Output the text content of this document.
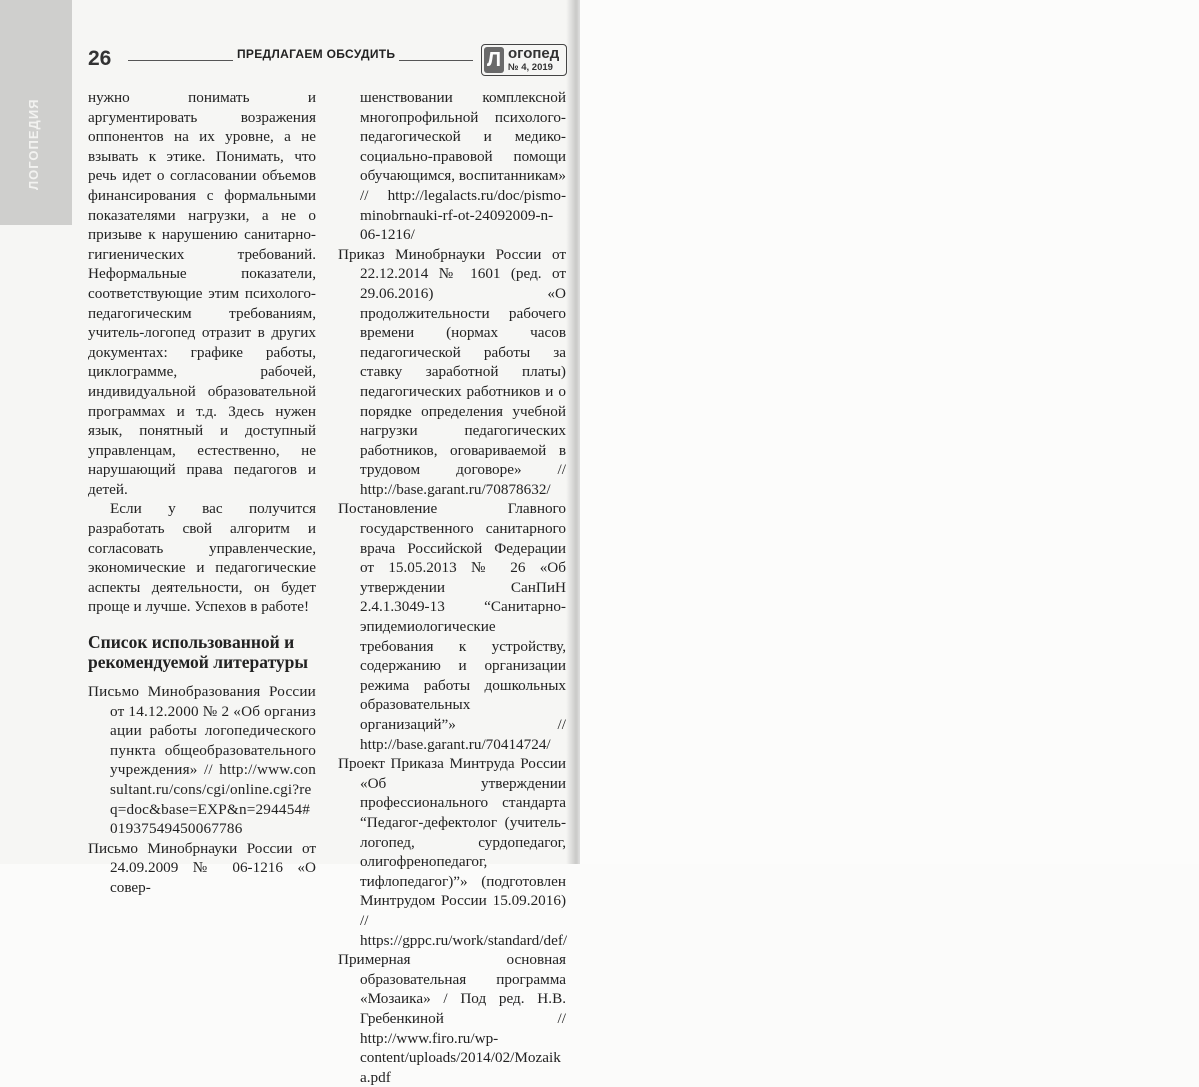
ЛОГОПЕДИЯ
26	ПРЕДЛАГАЕМ ОБСУДИТЬ	Л огопед
№ 4, 2019

нужно понимать и аргументировать возражения оппонентов на их уровне, а не взывать к этике. Понимать, что речь идет о согласовании объемов финансирования с формальными показателями нагрузки, а не о призыве к нарушению санитарно-гигиенических требований. Неформальные показатели, соответствующие этим психолого-педагогическим требованиям, учитель-логопед отразит в других документах: графике работы, циклограмме, рабочей, индивидуальной образовательной программах и т.д. Здесь нужен язык, понятный и доступный управленцам, естественно, не нарушающий права педагогов и детей.

Если у вас получится разработать свой алгоритм и согласовать управленческие, экономические и педагогические аспекты деятельности, он будет проще и лучше. Успехов в работе!

Список использованной и рекомендуемой литературы

Письмо Минобразования России от 14.12.2000 № 2 «Об организации работы логопедического пункта общеобразовательного учреждения» // http://www.consultant.ru/cons/cgi/online.cgi?req=doc&base=EXP&n=294454#01937549450067786

Письмо Минобрнауки России от 24.09.2009 № 06-1216 «О совер-

шенствовании комплексной многопрофильной психолого-педагогической и медико-социально-правовой помощи обучающимся, воспитанникам» // http://legalacts.ru/doc/pismo-minobrnauki-rf-ot-24092009-n-06-1216/

Приказ Минобрнауки России от 22.12.2014 № 1601 (ред. от 29.06.2016) «О продолжительности рабочего времени (нормах часов педагогической работы за ставку заработной платы) педагогических работников и о порядке определения учебной нагрузки педагогических работников, оговариваемой в трудовом договоре» // http://base.garant.ru/70878632/

Постановление Главного государственного санитарного врача Российской Федерации от 15.05.2013 № 26 «Об утверждении СанПиН 2.4.1.3049-13 “Санитарно-эпидемиологические требования к устройству, содержанию и организации режима работы дошкольных образовательных организаций”» // http://base.garant.ru/70414724/

Проект Приказа Минтруда России «Об утверждении профессионального стандарта “Педагог-дефектолог (учитель-логопед, сурдопедагог, олигофренопедагог, тифлопедагог)”» (подготовлен Минтрудом России 15.09.2016) // https://gppc.ru/work/standard/def/

Примерная основная образовательная программа «Мозаика» / Под ред. Н.В. Гребенкиной // http://www.firo.ru/wp-content/uploads/2014/02/Mozaika.pdf
